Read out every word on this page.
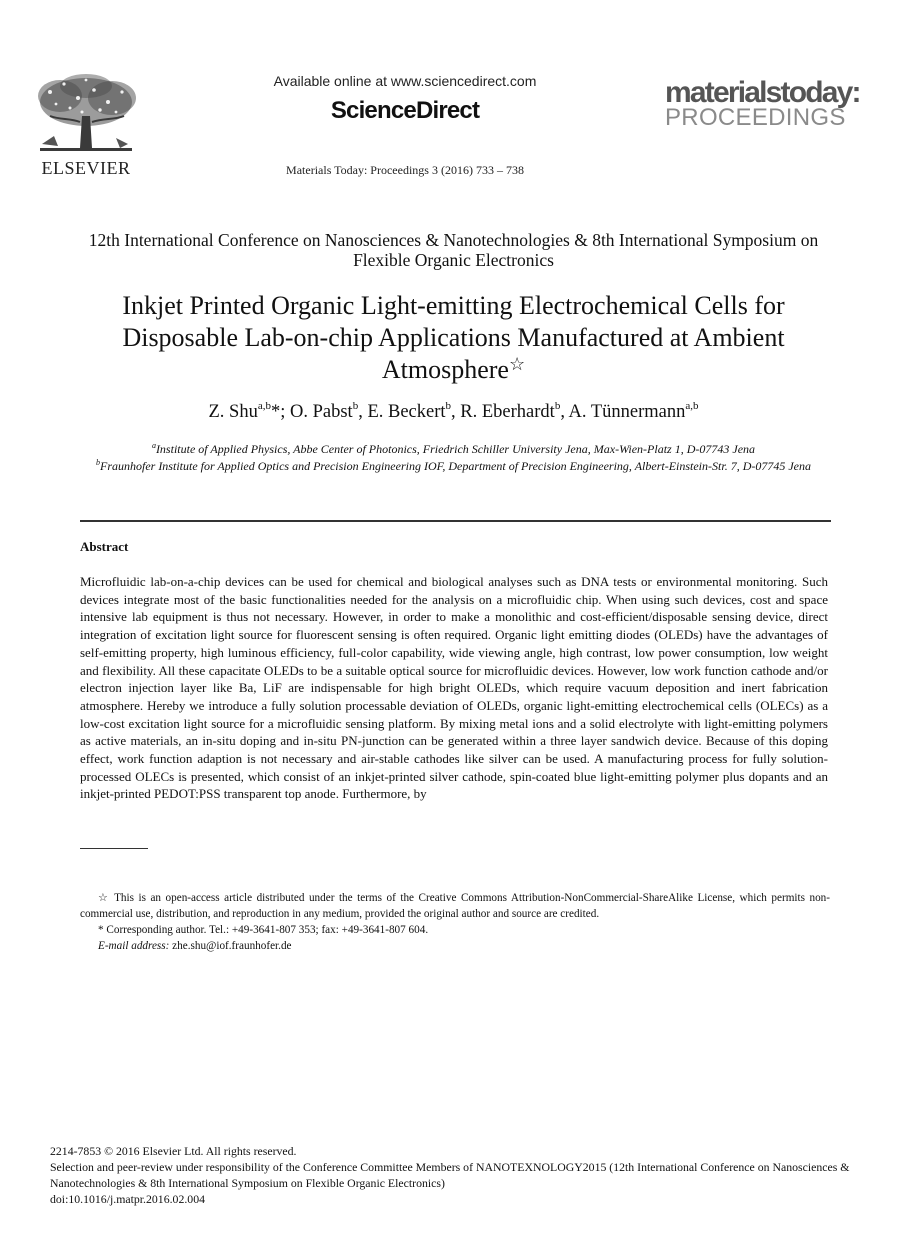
ELSEVIER
Available online at www.sciencedirect.com
ScienceDirect
Materials Today: Proceedings 3 (2016) 733 – 738
materialstoday:
PROCEEDINGS
12th International Conference on Nanosciences & Nanotechnologies & 8th International Symposium on Flexible Organic Electronics
Inkjet Printed Organic Light-emitting Electrochemical Cells for Disposable Lab-on-chip Applications Manufactured at Ambient Atmosphere☆
Z. Shu$^{a,b}$*; O. Pabst$^b$, E. Beckert$^b$, R. Eberhardt$^b$, A. Tünnermann$^{a,b}$
$^a$Institute of Applied Physics, Abbe Center of Photonics, Friedrich Schiller University Jena, Max-Wien-Platz 1, D-07743 Jena
$^b$Fraunhofer Institute for Applied Optics and Precision Engineering IOF, Department of Precision Engineering, Albert-Einstein-Str. 7, D-07745 Jena
Abstract
Microfluidic lab-on-a-chip devices can be used for chemical and biological analyses such as DNA tests or environmental monitoring. Such devices integrate most of the basic functionalities needed for the analysis on a microfluidic chip. When using such devices, cost and space intensive lab equipment is thus not necessary. However, in order to make a monolithic and cost-efficient/disposable sensing device, direct integration of excitation light source for fluorescent sensing is often required. Organic light emitting diodes (OLEDs) have the advantages of self-emitting property, high luminous efficiency, full-color capability, wide viewing angle, high contrast, low power consumption, low weight and flexibility. All these capacitate OLEDs to be a suitable optical source for microfluidic devices. However, low work function cathode and/or electron injection layer like Ba, LiF are indispensable for high bright OLEDs, which require vacuum deposition and inert fabrication atmosphere. Hereby we introduce a fully solution processable deviation of OLEDs, organic light-emitting electrochemical cells (OLECs) as a low-cost excitation light source for a microfluidic sensing platform. By mixing metal ions and a solid electrolyte with light-emitting polymers as active materials, an in-situ doping and in-situ PN-junction can be generated within a three layer sandwich device. Because of this doping effect, work function adaption is not necessary and air-stable cathodes like silver can be used. A manufacturing process for fully solution-processed OLECs is presented, which consist of an inkjet-printed silver cathode, spin-coated blue light-emitting polymer plus dopants and an inkjet-printed PEDOT:PSS transparent top anode. Furthermore, by
☆ This is an open-access article distributed under the terms of the Creative Commons Attribution-NonCommercial-ShareAlike License, which permits non-commercial use, distribution, and reproduction in any medium, provided the original author and source are credited.
* Corresponding author. Tel.: +49-3641-807 353; fax: +49-3641-807 604.
E-mail address: zhe.shu@iof.fraunhofer.de
2214-7853 © 2016 Elsevier Ltd. All rights reserved.
Selection and peer-review under responsibility of the Conference Committee Members of NANOTEXNOLOGY2015 (12th International Conference on Nanosciences & Nanotechnologies & 8th International Symposium on Flexible Organic Electronics)
doi:10.1016/j.matpr.2016.02.004
